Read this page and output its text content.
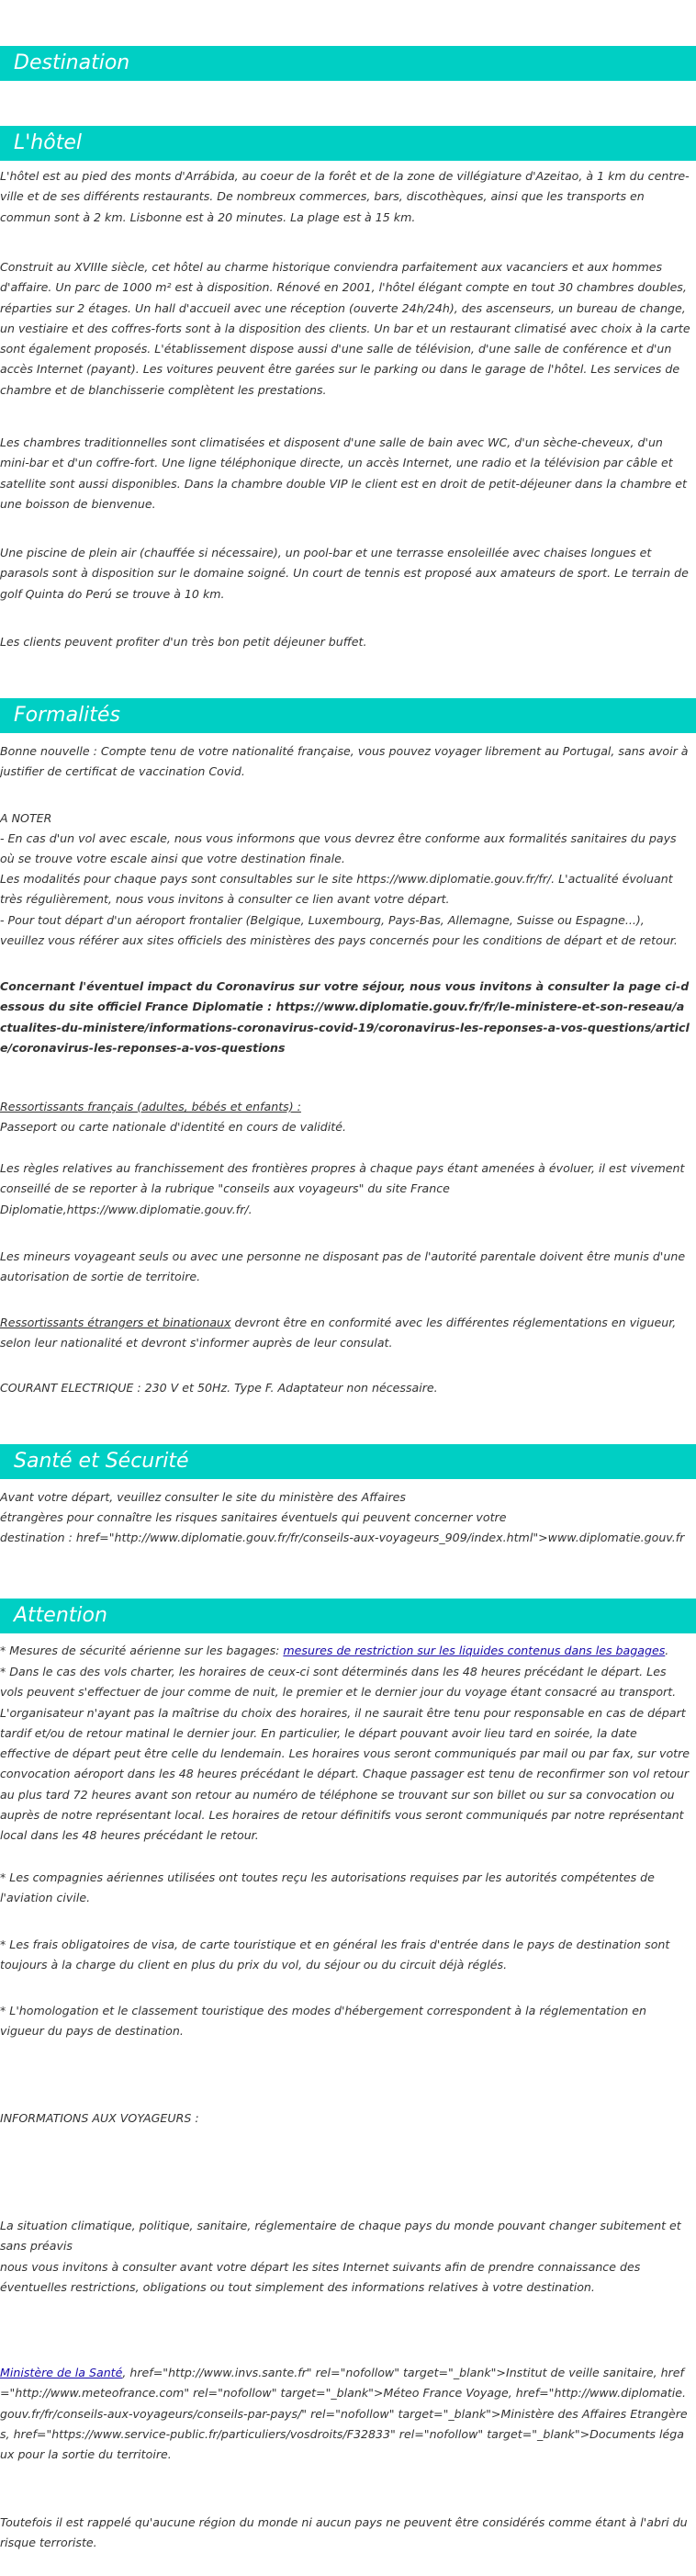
Destination
L'hôtel

L'hôtel est au pied des monts d'Arrábida, au coeur de la forêt et de la zone de villégiature d'Azeitao, à 1 km du centre-ville et de ses différents restaurants. De nombreux commerces, bars, discothèques, ainsi que les transports en commun sont à 2 km. Lisbonne est à 20 minutes. La plage est à 15 km.

Construit au XVIIIe siècle, cet hôtel au charme historique conviendra parfaitement aux vacanciers et aux hommes d'affaire. Un parc de 1000 m² est à disposition. Rénové en 2001, l'hôtel élégant compte en tout 30 chambres doubles, réparties sur 2 étages. Un hall d'accueil avec une réception (ouverte 24h/24h), des ascenseurs, un bureau de change, un vestiaire et des coffres-forts sont à la disposition des clients. Un bar et un restaurant climatisé avec choix à la carte sont également proposés. L'établissement dispose aussi d'une salle de télévision, d'une salle de conférence et d'un accès Internet (payant). Les voitures peuvent être garées sur le parking ou dans le garage de l'hôtel. Les services de chambre et de blanchisserie complètent les prestations.

Les chambres traditionnelles sont climatisées et disposent d'une salle de bain avec WC, d'un sèche-cheveux, d'un mini-bar et d'un coffre-fort. Une ligne téléphonique directe, un accès Internet, une radio et la télévision par câble et satellite sont aussi disponibles. Dans la chambre double VIP le client est en droit de petit-déjeuner dans la chambre et une boisson de bienvenue.

Une piscine de plein air (chauffée si nécessaire), un pool-bar et une terrasse ensoleillée avec chaises longues et parasols sont à disposition sur le domaine soigné. Un court de tennis est proposé aux amateurs de sport. Le terrain de golf Quinta do Perú se trouve à 10 km.

Les clients peuvent profiter d'un très bon petit déjeuner buffet.

Formalités

Bonne nouvelle : Compte tenu de votre nationalité française, vous pouvez voyager librement au Portugal, sans avoir à justifier de certificat de vaccination Covid.

A NOTER

- En cas d'un vol avec escale, nous vous informons que vous devrez être conforme aux formalités sanitaires du pays où se trouve votre escale ainsi que votre destination finale.

Les modalités pour chaque pays sont consultables sur le site https://www.diplomatie.gouv.fr/fr/. L'actualité évoluant très régulièrement, nous vous invitons à consulter ce lien avant votre départ.

- Pour tout départ d'un aéroport frontalier (Belgique, Luxembourg, Pays-Bas, Allemagne, Suisse ou Espagne...), veuillez vous référer aux sites officiels des ministères des pays concernés pour les conditions de départ et de retour.

Concernant l'éventuel impact du Coronavirus sur votre séjour, nous vous invitons à consulter la page ci-dessous du site officiel France Diplomatie : https://www.diplomatie.gouv.fr/fr/le-ministere-et-son-reseau/actualites-du-ministere/informations-coronavirus-covid-19/coronavirus-les-reponses-a-vos-questions/article/coronavirus-les-reponses-a-vos-questions

Ressortissants français (adultes, bébés et enfants) :

Passeport ou carte nationale d'identité en cours de validité.

Les règles relatives au franchissement des frontières propres à chaque pays étant amenées à évoluer, il est vivement conseillé de se reporter à la rubrique "conseils aux voyageurs" du site France Diplomatie,https://www.diplomatie.gouv.fr/.

Les mineurs voyageant seuls ou avec une personne ne disposant pas de l'autorité parentale doivent être munis d'une autorisation de sortie de territoire.

Ressortissants étrangers et binationaux devront être en conformité avec les différentes réglementations en vigueur, selon leur nationalité et devront s'informer auprès de leur consulat.

COURANT ELECTRIQUE : 230 V et 50Hz. Type F. Adaptateur non nécessaire.

Santé et Sécurité

Avant votre départ, veuillez consulter le site du ministère des Affaires

étrangères pour connaître les risques sanitaires éventuels qui peuvent concerner votre

destination : href="http://www.diplomatie.gouv.fr/fr/conseils-aux-voyageurs_909/index.html">www.diplomatie.gouv.fr

Attention

* Mesures de sécurité aérienne sur les bagages: mesures de restriction sur les liquides contenus dans les bagages.

* Dans le cas des vols charter, les horaires de ceux-ci sont déterminés dans les 48 heures précédant le départ. Les vols peuvent s'effectuer de jour comme de nuit, le premier et le dernier jour du voyage étant consacré au transport. L'organisateur n'ayant pas la maîtrise du choix des horaires, il ne saurait être tenu pour responsable en cas de départ tardif et/ou de retour matinal le dernier jour. En particulier, le départ pouvant avoir lieu tard en soirée, la date effective de départ peut être celle du lendemain. Les horaires vous seront communiqués par mail ou par fax, sur votre convocation aéroport dans les 48 heures précédant le départ. Chaque passager est tenu de reconfirmer son vol retour au plus tard 72 heures avant son retour au numéro de téléphone se trouvant sur son billet ou sur sa convocation ou auprès de notre représentant local. Les horaires de retour définitifs vous seront communiqués par notre représentant local dans les 48 heures précédant le retour.

* Les compagnies aériennes utilisées ont toutes reçu les autorisations requises par les autorités compétentes de l'aviation civile.

* Les frais obligatoires de visa, de carte touristique et en général les frais d'entrée dans le pays de destination sont toujours à la charge du client en plus du prix du vol, du séjour ou du circuit déjà réglés.

* L'homologation et le classement touristique des modes d'hébergement correspondent à la réglementation en vigueur du pays de destination.

INFORMATIONS AUX VOYAGEURS :

La situation climatique, politique, sanitaire, réglementaire de chaque pays du monde pouvant changer subitement et sans préavis

nous vous invitons à consulter avant votre départ les sites Internet suivants afin de prendre connaissance des éventuelles restrictions, obligations ou tout simplement des informations relatives à votre destination.

Ministère de la Santé, href="http://www.invs.sante.fr" rel="nofollow" target="_blank">Institut de veille sanitaire, href="http://www.meteofrance.com" rel="nofollow" target="_blank">Méteo France Voyage, href="http://www.diplomatie.gouv.fr/fr/conseils-aux-voyageurs/conseils-par-pays/" rel="nofollow" target="_blank">Ministère des Affaires Etrangères, href="https://www.service-public.fr/particuliers/vosdroits/F32833" rel="nofollow" target="_blank">Documents légaux pour la sortie du territoire.

Toutefois il est rappelé qu'aucune région du monde ni aucun pays ne peuvent être considérés comme étant à l'abri du risque terroriste.
